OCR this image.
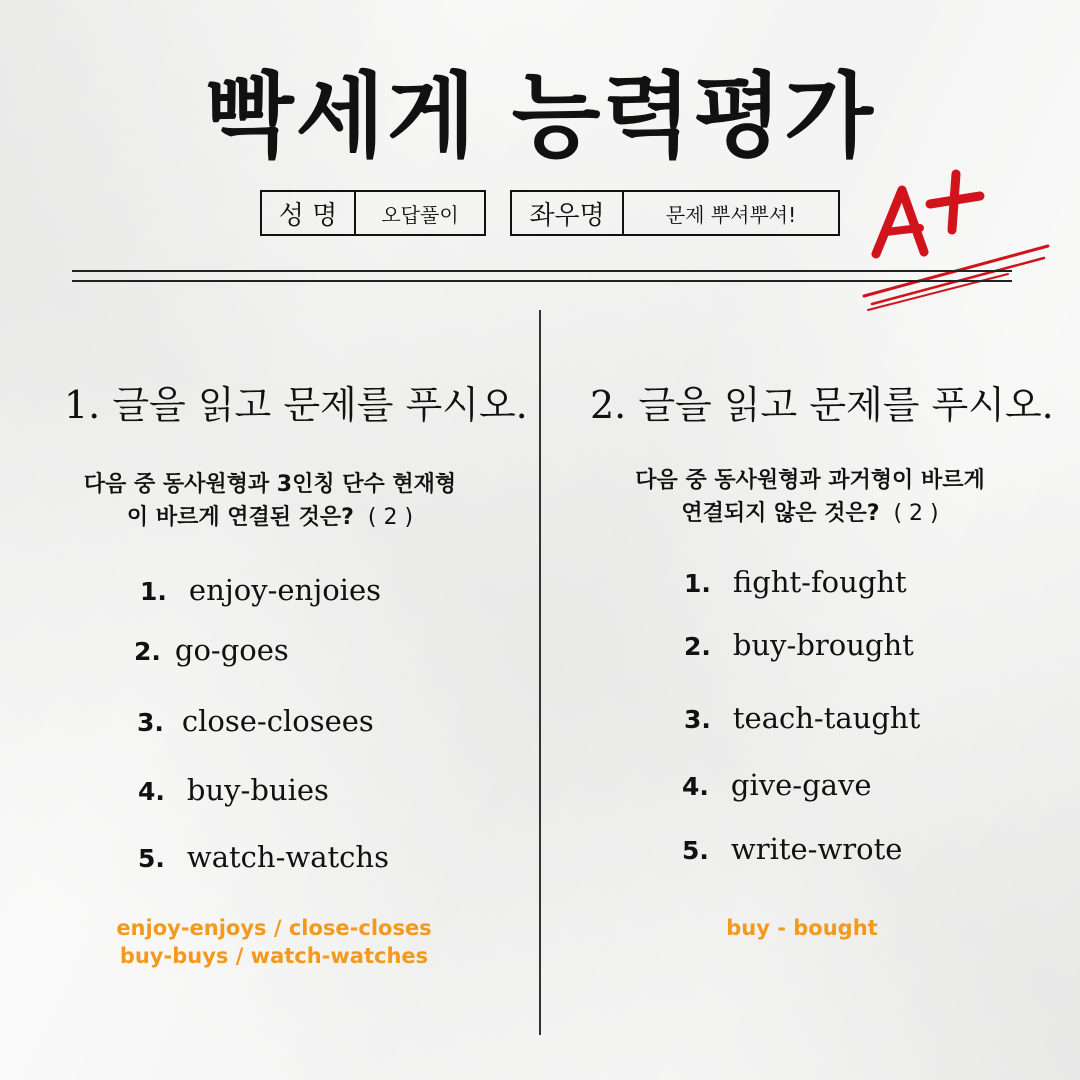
빡세게 능력평가
성 명 오답풀이	좌우명	문제 뿌셔뿌셔!
1. 글을 읽고 문제를 푸시오.
다음 중 동사원형과 3인칭 단수 현재형
이 바르게 연결된 것은? ( 2 )
1. enjoy-enjoies
2. go-goes
3. close-closees
4. buy-buies
5. watch-watchs
enjoy-enjoys / close-closes
buy-buys / watch-watches
2. 글을 읽고 문제를 푸시오.
다음 중 동사원형과 과거형이 바르게
연결되지 않은 것은? ( 2 )
1. fight-fought
2. buy-brought
3. teach-taught
4. give-gave
5. write-wrote
buy - bought
